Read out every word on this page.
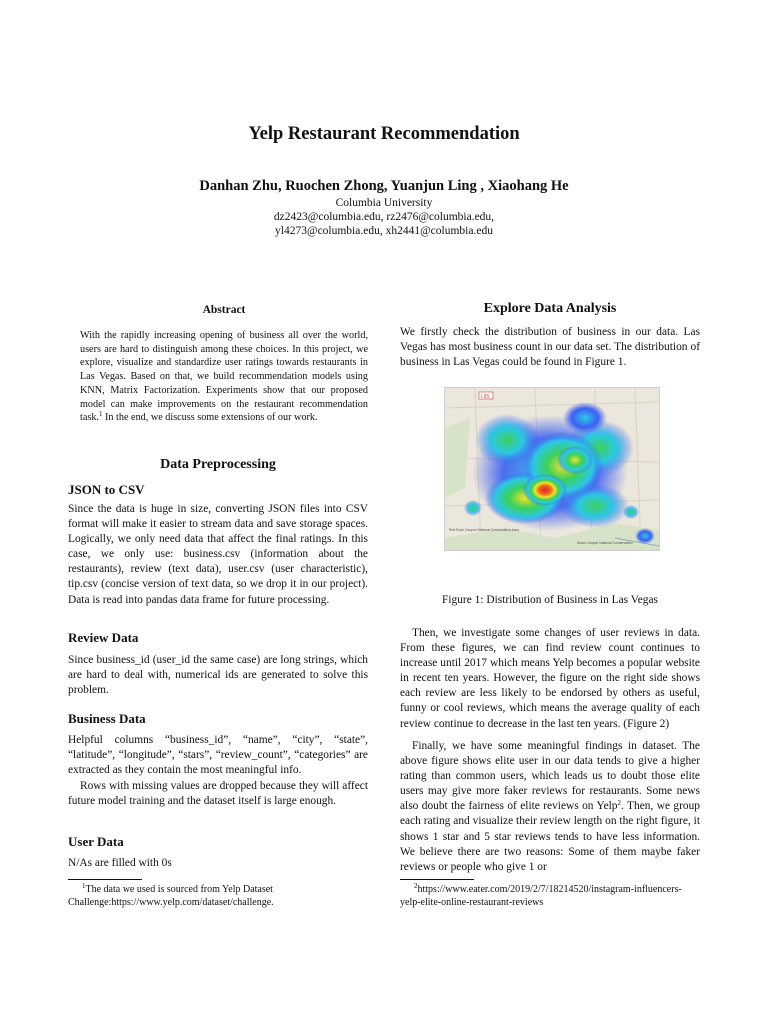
Yelp Restaurant Recommendation
Danhan Zhu, Ruochen Zhong, Yuanjun Ling , Xiaohang He
Columbia University
dz2423@columbia.edu, rz2476@columbia.edu,
yl4273@columbia.edu, xh2441@columbia.edu
Abstract
With the rapidly increasing opening of business all over the world, users are hard to distinguish among these choices. In this project, we explore, visualize and standardize user ratings towards restaurants in Las Vegas. Based on that, we build recommendation models using KNN, Matrix Factorization. Experiments show that our proposed model can make improvements on the restaurant recommendation task.$^1$ In the end, we discuss some extensions of our work.
Data Preprocessing
JSON to CSV
Since the data is huge in size, converting JSON files into CSV format will make it easier to stream data and save storage spaces. Logically, we only need data that affect the final ratings. In this case, we only use: business.csv (information about the restaurants), review (text data), user.csv (user characteristic), tip.csv (concise version of text data, so we drop it in our project). Data is read into pandas data frame for future processing.
Review Data
Since business_id (user_id the same case) are long strings, which are hard to deal with, numerical ids are generated to solve this problem.
Business Data
Helpful columns “business_id”, “name”, “city”, “state”, “latitude”, “longitude”, “stars”, “review_count”, “categories” are extracted as they contain the most meaningful info.
Rows with missing values are dropped because they will affect future model training and the dataset itself is large enough.
User Data
N/As are filled with 0s
$^1$The data we used is sourced from Yelp Dataset Challenge:https://www.yelp.com/dataset/challenge.
Explore Data Analysis
We firstly check the distribution of business in our data. Las Vegas has most business count in our data set. The distribution of business in Las Vegas could be found in Figure 1.
I-95
Red Rock Canyon National Conservation Area
Sloan Canyon National Conservation
Figure 1: Distribution of Business in Las Vegas
Then, we investigate some changes of user reviews in data. From these figures, we can find review count continues to increase until 2017 which means Yelp becomes a popular website in recent ten years. However, the figure on the right side shows each review are less likely to be endorsed by others as useful, funny or cool reviews, which means the average quality of each review continue to decrease in the last ten years. (Figure 2)
Finally, we have some meaningful findings in dataset. The above figure shows elite user in our data tends to give a higher rating than common users, which leads us to doubt those elite users may give more faker reviews for restaurants. Some news also doubt the fairness of elite reviews on Yelp$^2$. Then, we group each rating and visualize their review length on the right figure, it shows 1 star and 5 star reviews tends to have less information. We believe there are two reasons: Some of them maybe faker reviews or people who give 1 or
$^2$https://www.eater.com/2019/2/7/18214520/instagram-influencers-yelp-elite-online-restaurant-reviews
